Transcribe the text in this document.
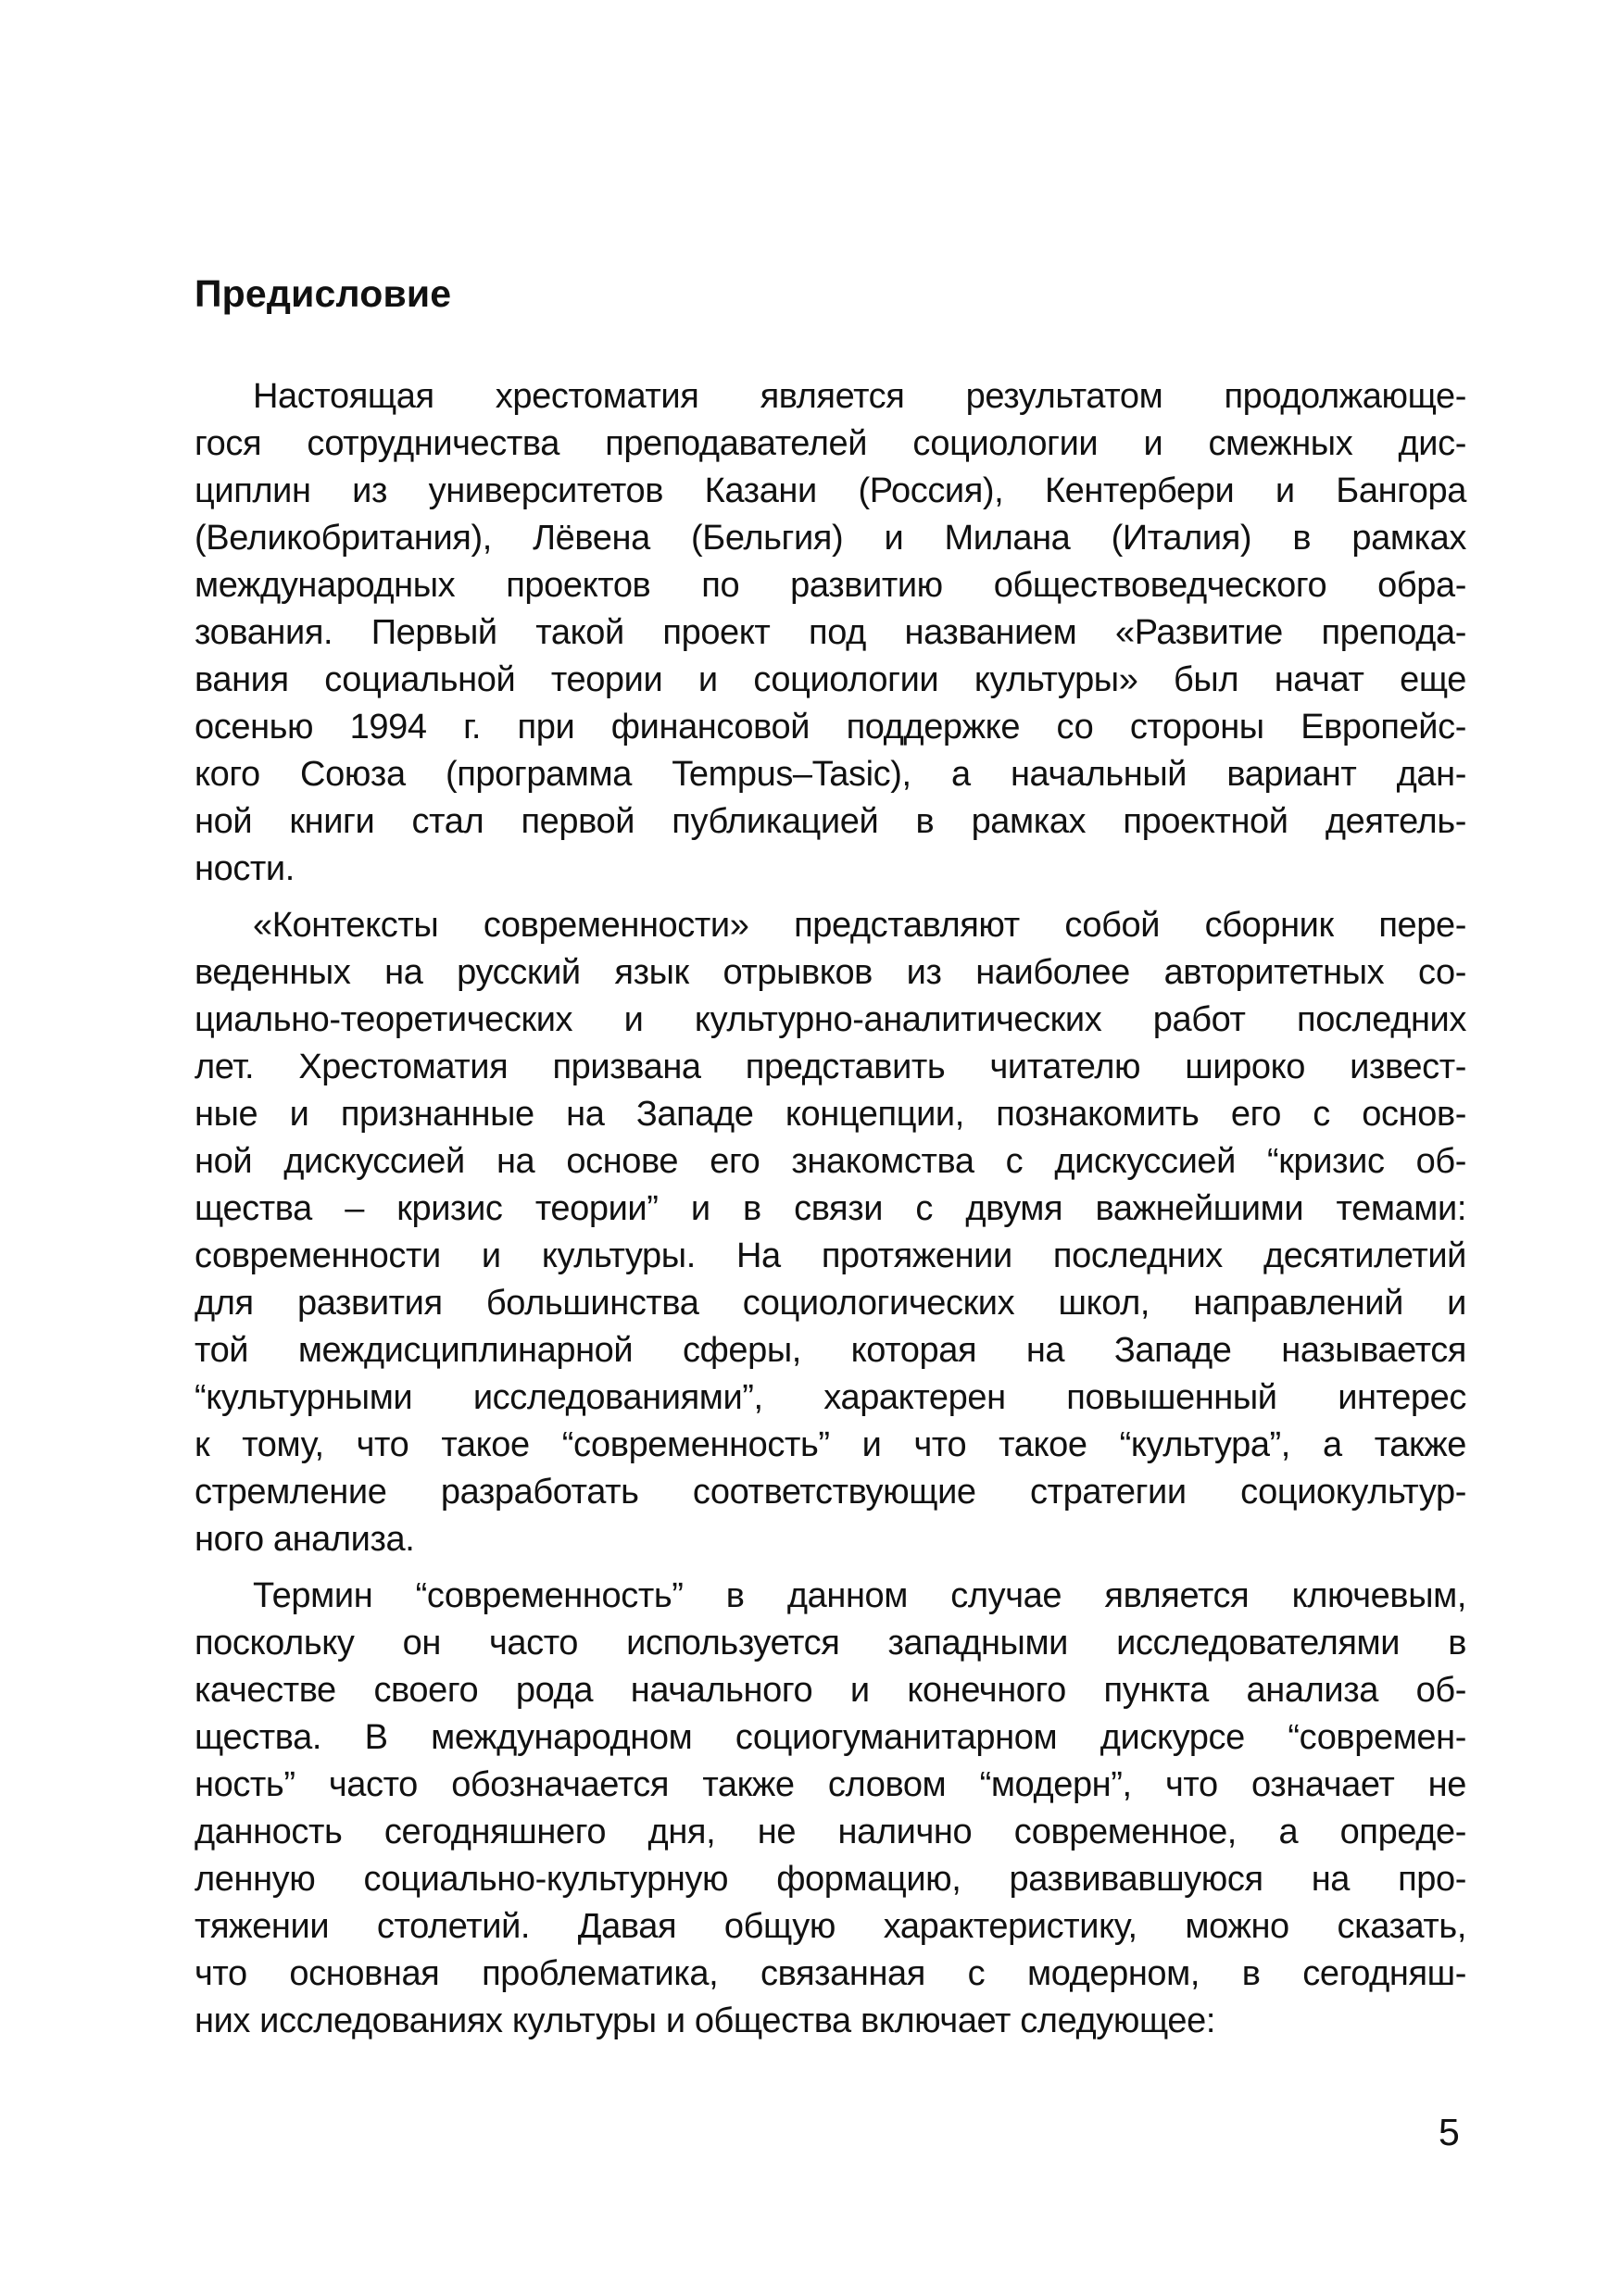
Предисловие

Настоящая хрестоматия является результатом продолжающе-
гося сотрудничества преподавателей социологии и смежных дис-
циплин из университетов Казани (Россия), Кентербери и Бангора
(Великобритания), Лёвена (Бельгия) и Милана (Италия) в рамках
международных проектов по развитию обществоведческого обра-
зования. Первый такой проект под названием «Развитие препода-
вания социальной теории и социологии культуры» был начат еще
осенью 1994 г. при финансовой поддержке со стороны Европейс-
кого Союза (программа Tempus–Tasic), а начальный вариант дан-
ной книги стал первой публикацией в рамках проектной деятель-
ности.

«Контексты современности» представляют собой сборник пере-
веденных на русский язык отрывков из наиболее авторитетных со-
циально-теоретических и культурно-аналитических работ последних
лет. Хрестоматия призвана представить читателю широко извест-
ные и признанные на Западе концепции, познакомить его с основ-
ной дискуссией на основе его знакомства с дискуссией “кризис об-
щества – кризис теории” и в связи с двумя важнейшими темами:
современности и культуры. На протяжении последних десятилетий
для развития большинства социологических школ, направлений и
той междисциплинарной сферы, которая на Западе называется
“культурными исследованиями”, характерен повышенный интерес
к тому, что такое “современность” и что такое “культура”, а также
стремление разработать соответствующие стратегии социокультур-
ного анализа.

Термин “современность” в данном случае является ключевым,
поскольку он часто используется западными исследователями в
качестве своего рода начального и конечного пункта анализа об-
щества. В международном социогуманитарном дискурсе “современ-
ность” часто обозначается также словом “модерн”, что означает не
данность сегодняшнего дня, не налично современное, а опреде-
ленную социально-культурную формацию, развивавшуюся на про-
тяжении столетий. Давая общую характеристику, можно сказать,
что основная проблематика, связанная с модерном, в сегодняш-
них исследованиях культуры и общества включает следующее:

5
